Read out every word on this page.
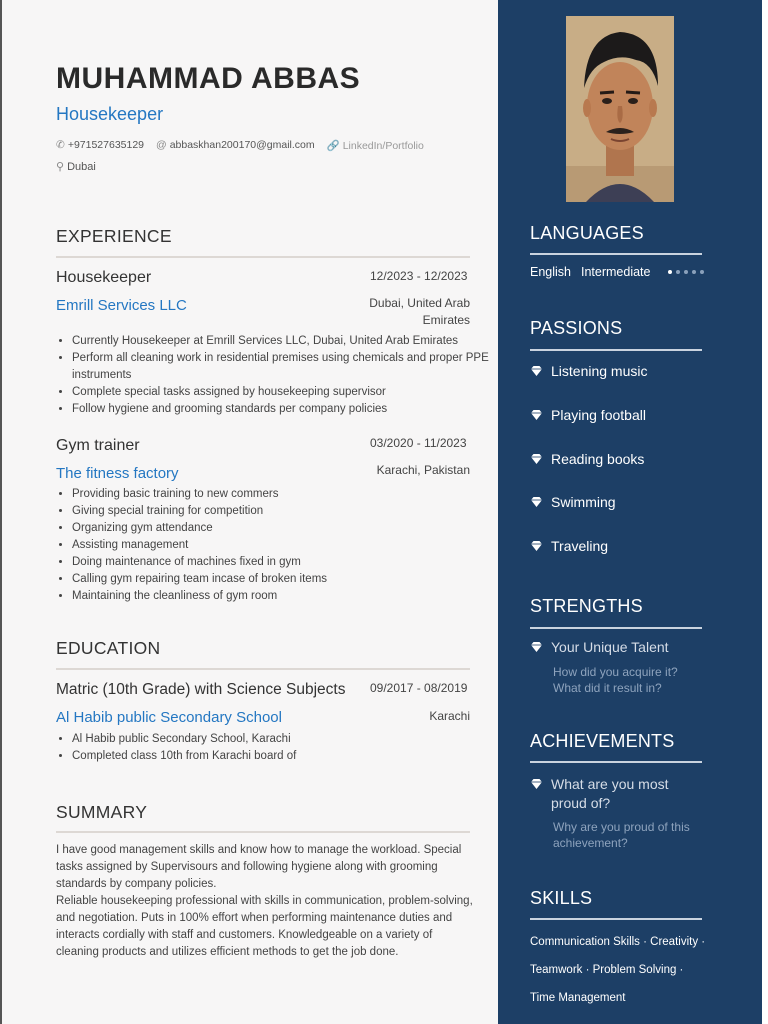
MUHAMMAD ABBAS
Housekeeper
✆ +971527635129 @ abbaskhan200170@gmail.com 🔗 LinkedIn/Portfolio
⚲ Dubai
EXPERIENCE
Housekeeper	12/2023 - 12/2023
Emrill Services LLC	Dubai, United Arab
Emirates
• Currently Housekeeper at Emrill Services LLC, Dubai, United Arab Emirates
• Perform all cleaning work in residential premises using chemicals and proper PPE instruments
• Complete special tasks assigned by housekeeping supervisor
• Follow hygiene and grooming standards per company policies
Gym trainer	03/2020 - 11/2023
The fitness factory	Karachi, Pakistan
• Providing basic training to new commers
• Giving special training for competition
• Organizing gym attendance
• Assisting management
• Doing maintenance of machines fixed in gym
• Calling gym repairing team incase of broken items
• Maintaining the cleanliness of gym room
EDUCATION
Matric (10th Grade) with Science Subjects 09/2017 - 08/2019
Al Habib public Secondary School	Karachi
• Al Habib public Secondary School, Karachi
• Completed class 10th from Karachi board of
SUMMARY

I have good management skills and know how to manage the workload. Special tasks assigned by Supervisours and following hygiene along with grooming standards by company policies.

Reliable housekeeping professional with skills in communication, problem-solving, and negotiation. Puts in 100% effort when performing maintenance duties and interacts cordially with staff and customers. Knowledgeable on a variety of cleaning products and utilizes efficient methods to get the job done.

LANGUAGES
English Intermediate
PASSIONS
Listening music
Playing football
Reading books
Swimming
Traveling
STRENGTHS
Your Unique Talent
How did you acquire it? What did it result in?
ACHIEVEMENTS
What are you most proud of?
Why are you proud of this achievement?
SKILLS
Communication Skills · Creativity ·
Teamwork · Problem Solving ·
Time Management
